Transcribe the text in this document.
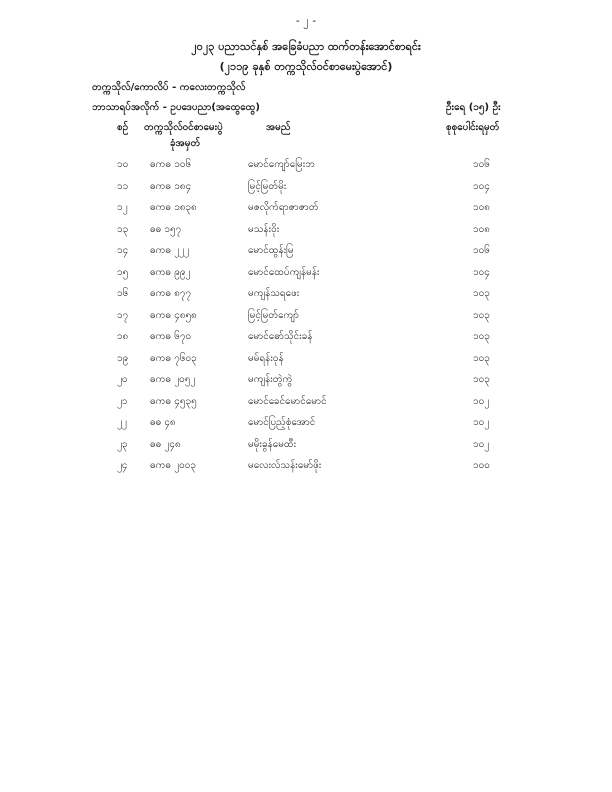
- ၂ -
၂၀၂၃ ပညာသင်နှစ် အခြေခံပညာ ထက်တန်းအောင်စာရင်း
(၂၁၁၉ ခုနှစ် တက္ကသိုလ်ဝင်စာမေးပွဲအောင်)
တက္ကသိုလ်/ကောလိပ် - ကလေးတက္ကသိုလ်
ဘာသာရပ်အလိုက် - ဥပဒေပညာ(အထွေထွေ)	ဦးရေ (၁၅) ဦး
စဉ် တက္ကသိုလ်ဝင်စာမေးပွဲ
ခုံအမှတ်
အမည်	စုစုပေါင်းရမှတ်
၁၀ ဓကဓ ၁၀၆	မောင်ကျော်မြေးဘ	၁၀၆
၁၁ ဓကဓ ၁၈၄	မြင့်မြတ်မိုး	၁၀၄
၁၂ ဓကဓ ၁၈၃၈	မဇလိုက်ရာဇာဇာတ်	၁၀၈
၁၃ ဓဓ ၁၅၇	မသန်းဝိုး	၁၀၈
၁၄ ဓကဓ ၂၂၂	မောင်ထွန်းမြ	၁၀၆
၁၅ ဓကဓ ၉၉၂	မောင်ထေပ်ကျန်မန်း	၁၀၄
၁၆ ဓကဓ ၈၇၇	မကျန်သရဖေး	၁၀၃
၁၇ ဓကဓ ၄၈၅၈	မြင့်မြတ်ကျော်	၁၀၃
၁၈ ဓကဓ ၆၇၀	မောင်ဓော်သိုင်းခန်	၁၀၃
၁၉ ဓကဓ ၇၆၀၃	မမ်ရန်းဝုန်	၁၀၃
၂၀ ဓကဓ ၂၀၅၂	မကျန်းတွဲကွဲ	၁၀၃
၂၁ ဓကဓ ၄၅၃၅	မောင်ခေင်မောင်မောင်	၁၀၂
၂၂ ဓဓ ၄၈	မောင်ပြည့်စုံအောင်	၁၀၂
၂၃ ဓဓ ၂၄၈	မမိုးခွန်မေထီး	၁၀၂
၂၄ ဓကဓ ၂၀၀၃	မလေးလ်သန်းမော်ဖိုး	၁၀၀
